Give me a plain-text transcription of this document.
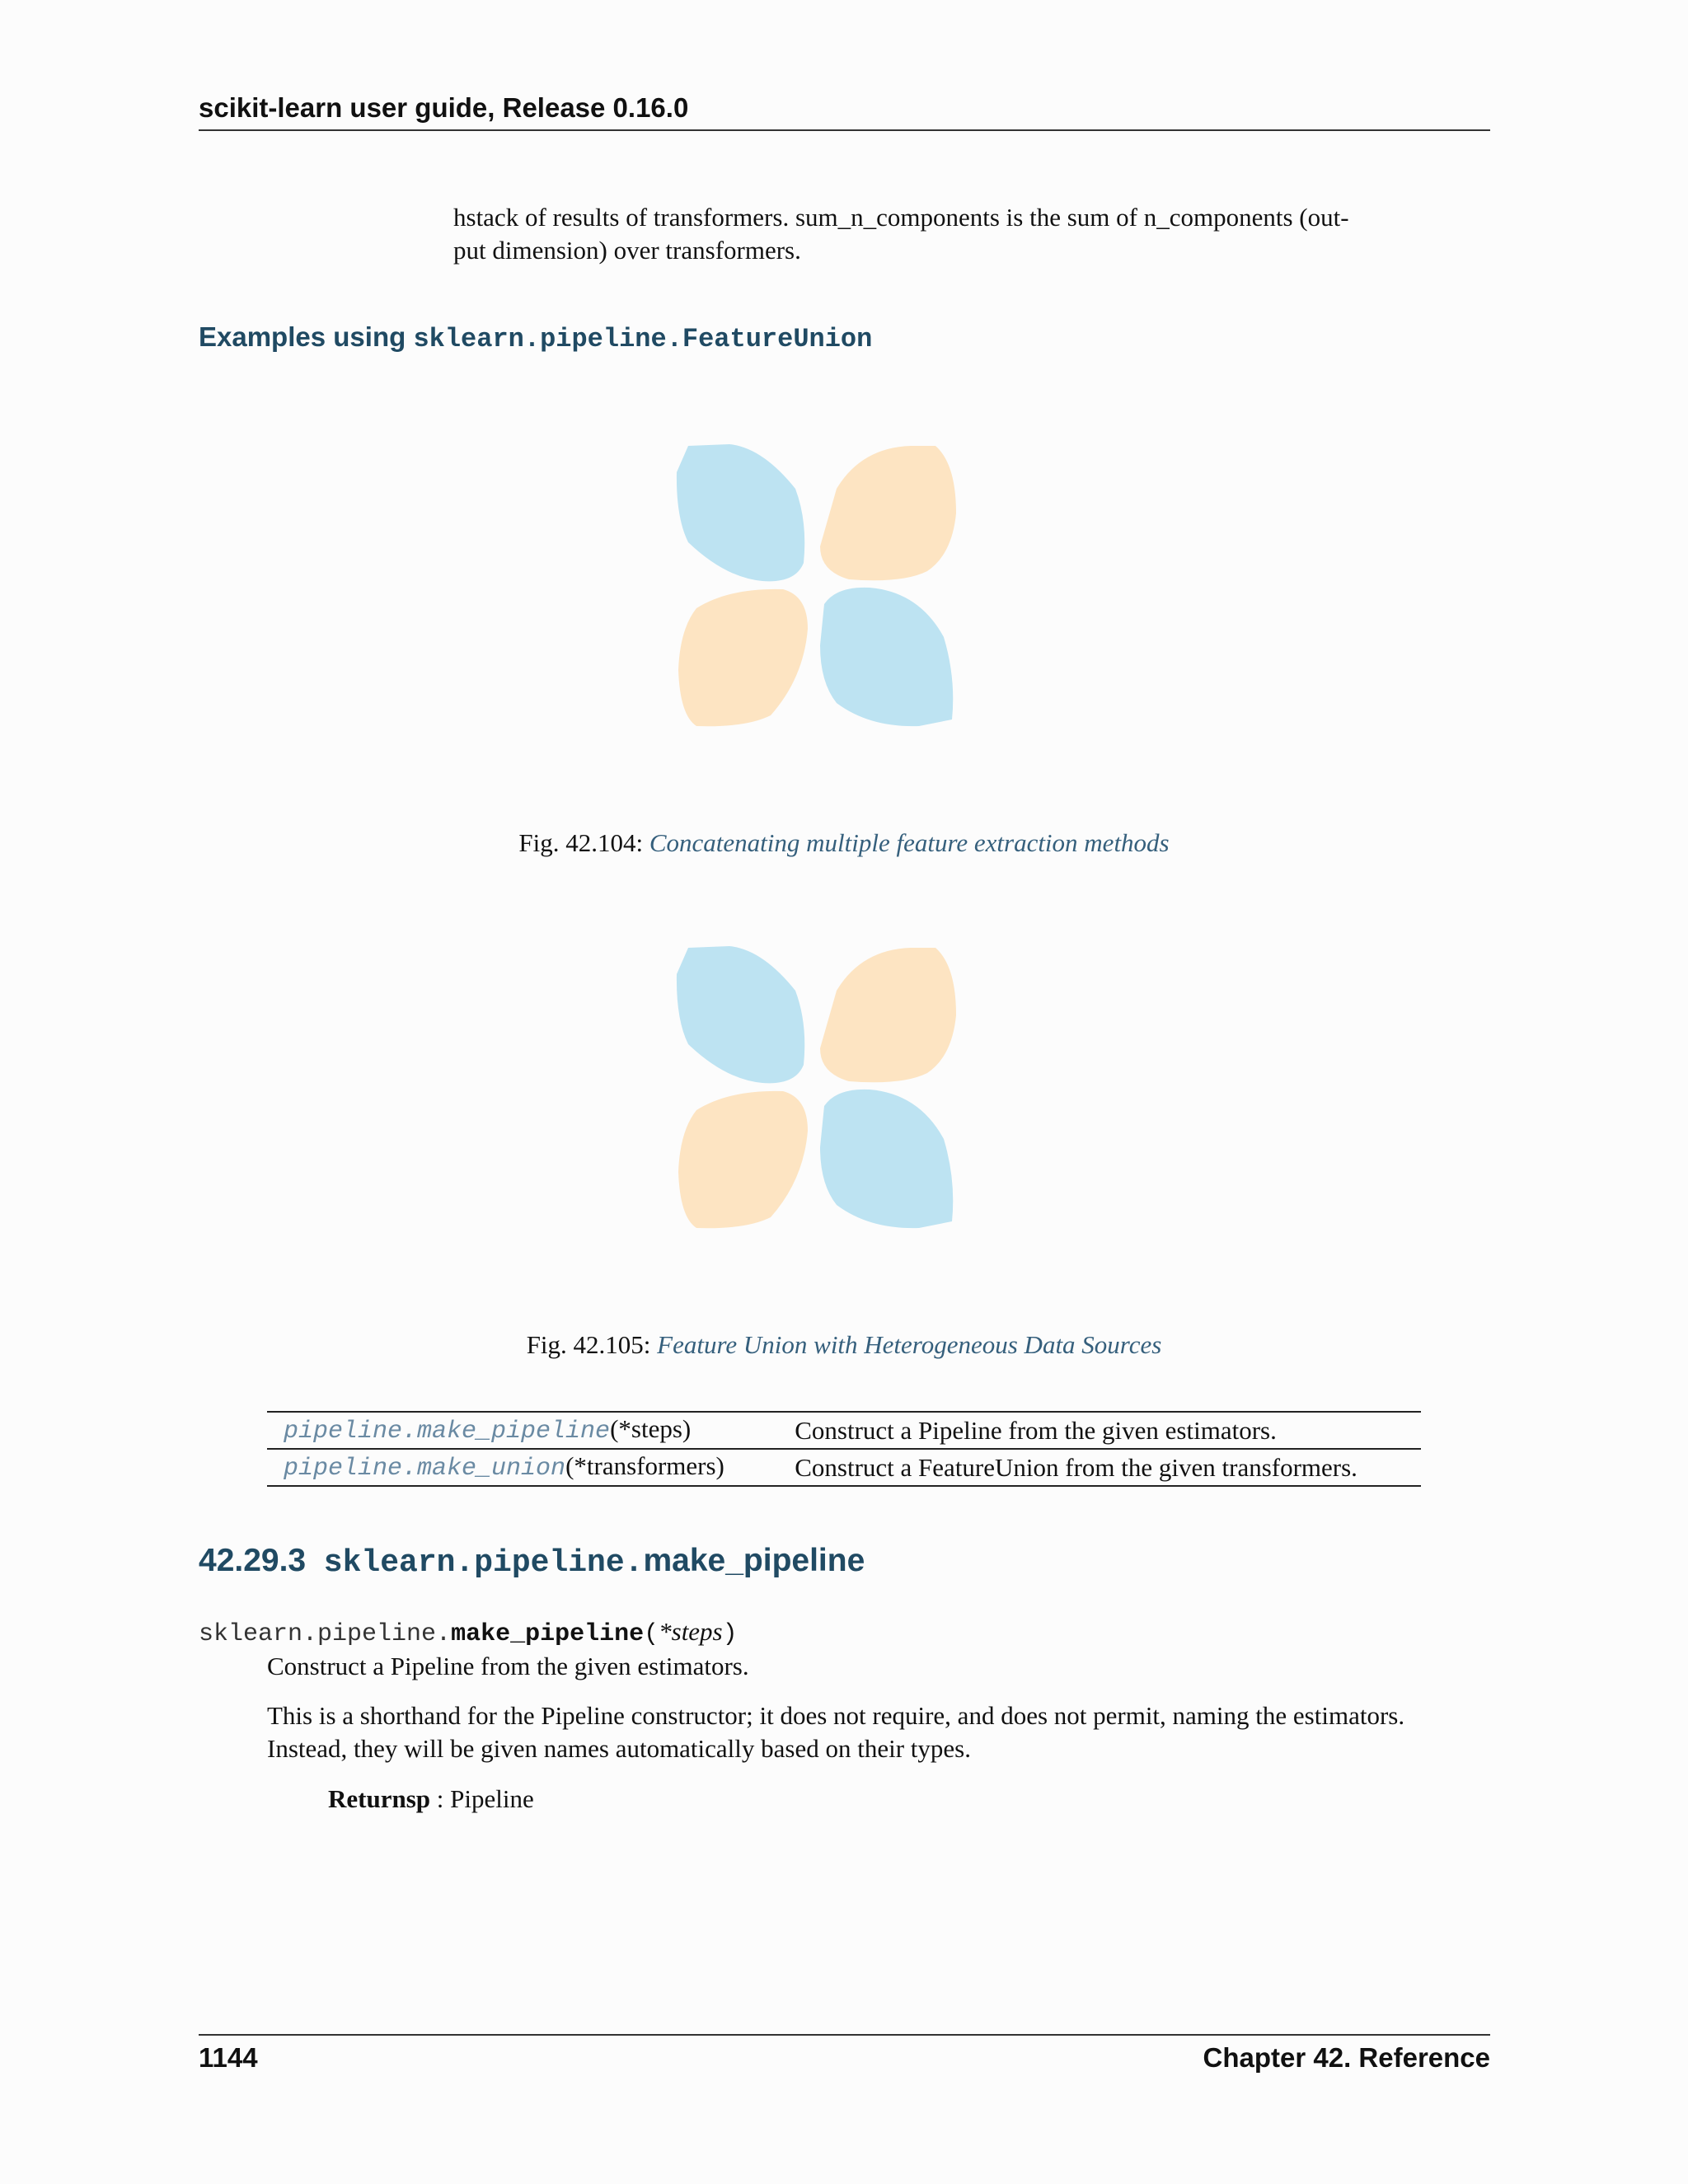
scikit-learn user guide, Release 0.16.0
hstack of results of transformers. sum_n_components is the sum of n_components (out-
put dimension) over transformers.
Examples using sklearn.pipeline.FeatureUnion
Fig. 42.104: Concatenating multiple feature extraction methods
Fig. 42.105: Feature Union with Heterogeneous Data Sources
pipeline.make_pipeline(*steps)	Construct a Pipeline from the given estimators.
pipeline.make_union(*transformers)	Construct a FeatureUnion from the given transformers.
42.29.3 sklearn.pipeline.make_pipeline
sklearn.pipeline.make_pipeline(*steps)
Construct a Pipeline from the given estimators.
This is a shorthand for the Pipeline constructor; it does not require, and does not permit, naming the estimators.
Instead, they will be given names automatically based on their types.
Returnsp : Pipeline
1144	Chapter 42. Reference
